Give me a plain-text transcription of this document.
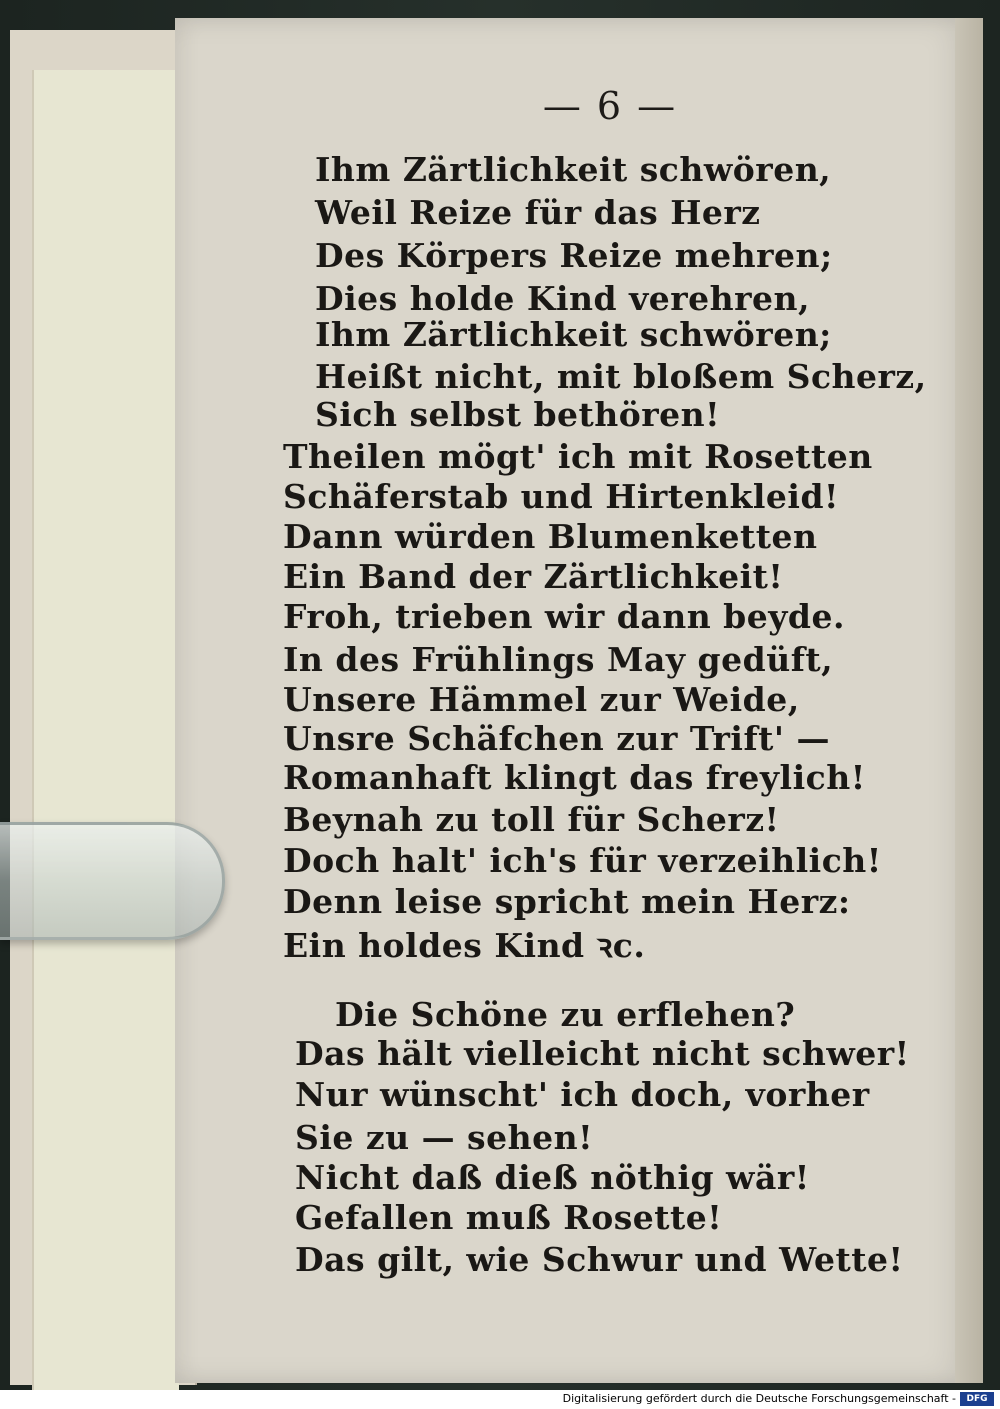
— 6 —
Ihm Zärtlichkeit schwören,
Weil Reize für das Herz
Des Körpers Reize mehren;
Dies holde Kind verehren,
Ihm Zärtlichkeit schwören;
Heißt nicht, mit bloßem Scherz,
Sich selbst bethören!
Theilen mögt' ich mit Rosetten
Schäferstab und Hirtenkleid!
Dann würden Blumenketten
Ein Band der Zärtlichkeit!
Froh, trieben wir dann beyde.
In des Frühlings May gedüft,
Unsere Hämmel zur Weide,
Unsre Schäfchen zur Trift' —
Romanhaft klingt das freylich!
Beynah zu toll für Scherz!
Doch halt' ich's für verzeihlich!
Denn leise spricht mein Herz:
Ein holdes Kind ꝛc.
Die Schöne zu erflehen?
Das hält vielleicht nicht schwer!
Nur wünscht' ich doch, vorher
Sie zu — sehen!
Nicht daß dieß nöthig wär!
Gefallen muß Rosette!
Das gilt, wie Schwur und Wette!
Digitalisierung gefördert durch die Deutsche Forschungsgemeinschaft -	DFG
